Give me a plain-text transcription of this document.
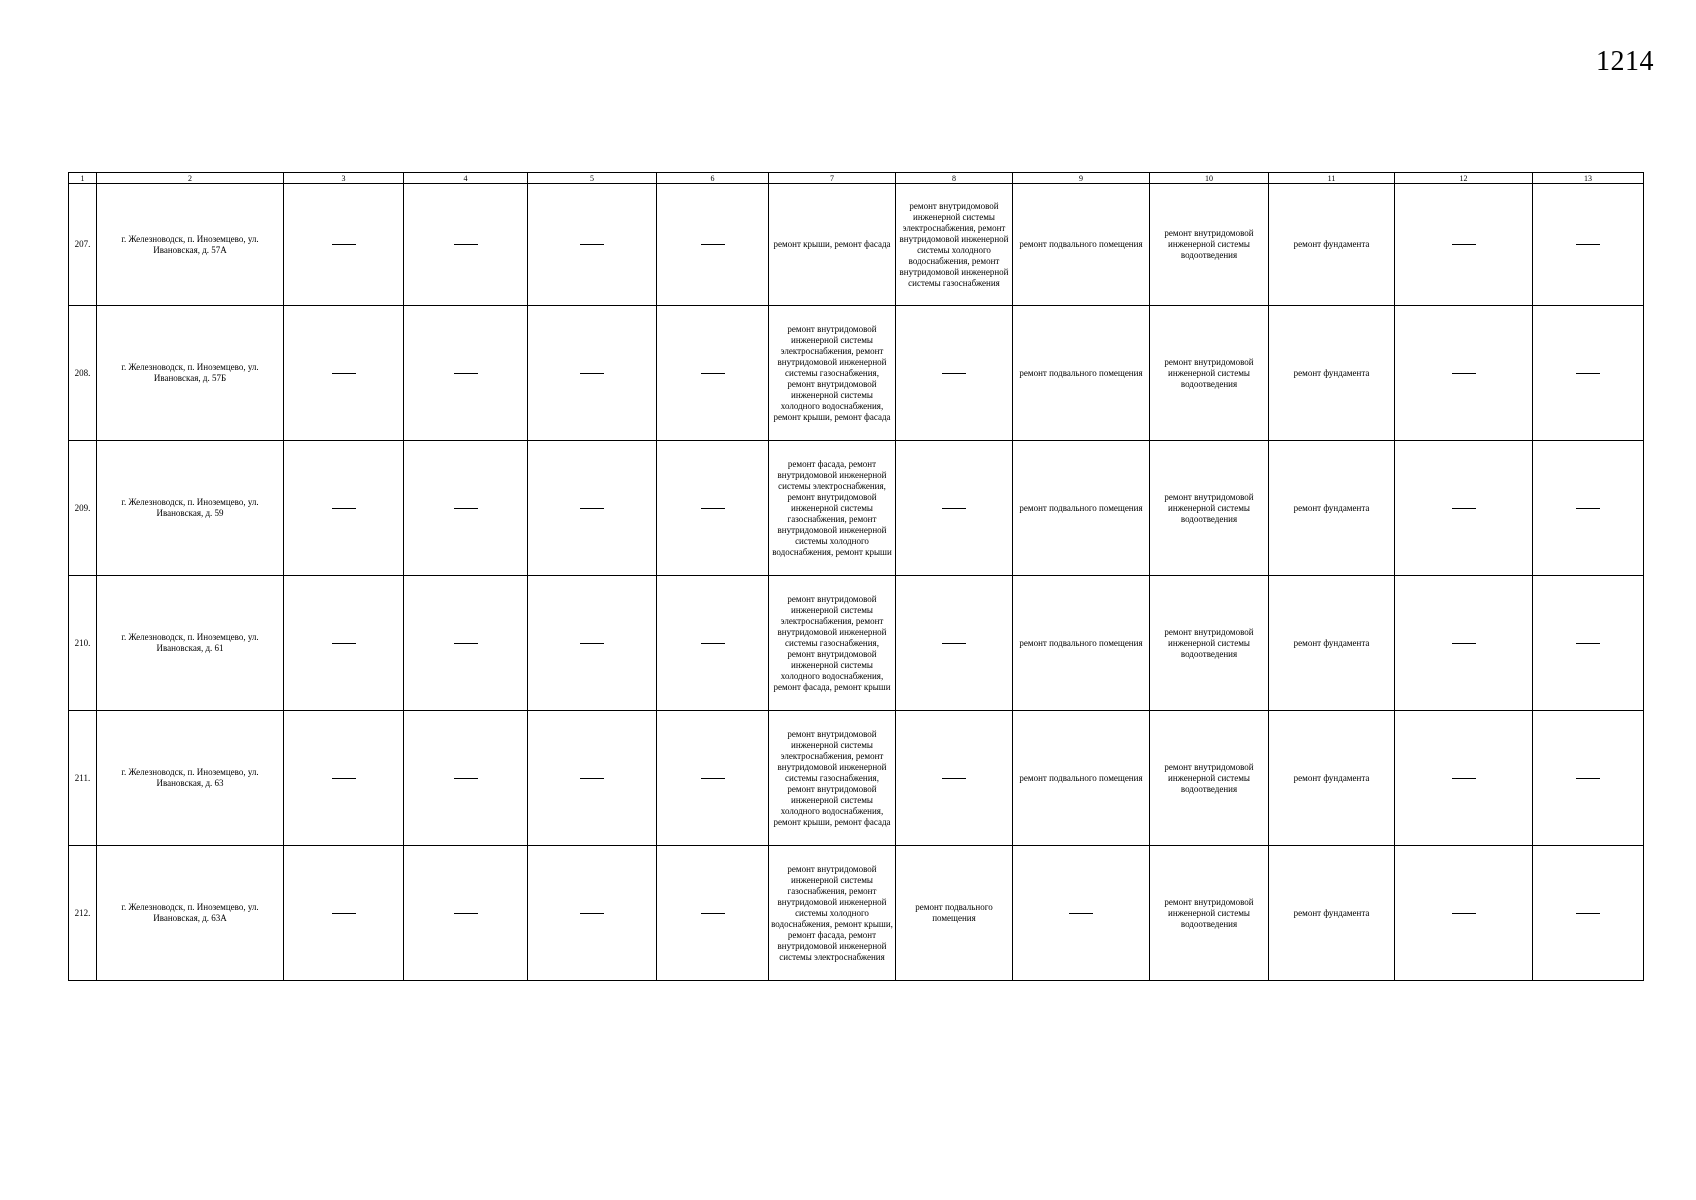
1214
1	2	3	4	5	6	7	8	9	10	11	12	13
207.	г. Железноводск, п. Иноземцево, ул. Ивановская, д. 57А					ремонт крыши, ремонт фасада	ремонт внутридомовой инженерной системы электроснабжения, ремонт внутридомовой инженерной системы холодного водоснабжения, ремонт внутридомовой инженерной системы газоснабжения	ремонт подвального помещения	ремонт внутридомовой инженерной системы водоотведения	ремонт фундамента		
208.	г. Железноводск, п. Иноземцево, ул. Ивановская, д. 57Б					ремонт внутридомовой инженерной системы электроснабжения, ремонт внутридомовой инженерной системы газоснабжения, ремонт внутридомовой инженерной системы холодного водоснабжения, ремонт крыши, ремонт фасада		ремонт подвального помещения	ремонт внутридомовой инженерной системы водоотведения	ремонт фундамента		
209.	г. Железноводск, п. Иноземцево, ул. Ивановская, д. 59					ремонт фасада, ремонт внутридомовой инженерной системы электроснабжения, ремонт внутридомовой инженерной системы газоснабжения, ремонт внутридомовой инженерной системы холодного водоснабжения, ремонт крыши		ремонт подвального помещения	ремонт внутридомовой инженерной системы водоотведения	ремонт фундамента		
210.	г. Железноводск, п. Иноземцево, ул. Ивановская, д. 61					ремонт внутридомовой инженерной системы электроснабжения, ремонт внутридомовой инженерной системы газоснабжения, ремонт внутридомовой инженерной системы холодного водоснабжения, ремонт фасада, ремонт крыши		ремонт подвального помещения	ремонт внутридомовой инженерной системы водоотведения	ремонт фундамента		
211.	г. Железноводск, п. Иноземцево, ул. Ивановская, д. 63					ремонт внутридомовой инженерной системы электроснабжения, ремонт внутридомовой инженерной системы газоснабжения, ремонт внутридомовой инженерной системы холодного водоснабжения, ремонт крыши, ремонт фасада		ремонт подвального помещения	ремонт внутридомовой инженерной системы водоотведения	ремонт фундамента		
212.	г. Железноводск, п. Иноземцево, ул. Ивановская, д. 63А					ремонт внутридомовой инженерной системы газоснабжения, ремонт внутридомовой инженерной системы холодного водоснабжения, ремонт крыши, ремонт фасада, ремонт внутридомовой инженерной системы электроснабжения	ремонт подвального помещения		ремонт внутридомовой инженерной системы водоотведения	ремонт фундамента		
